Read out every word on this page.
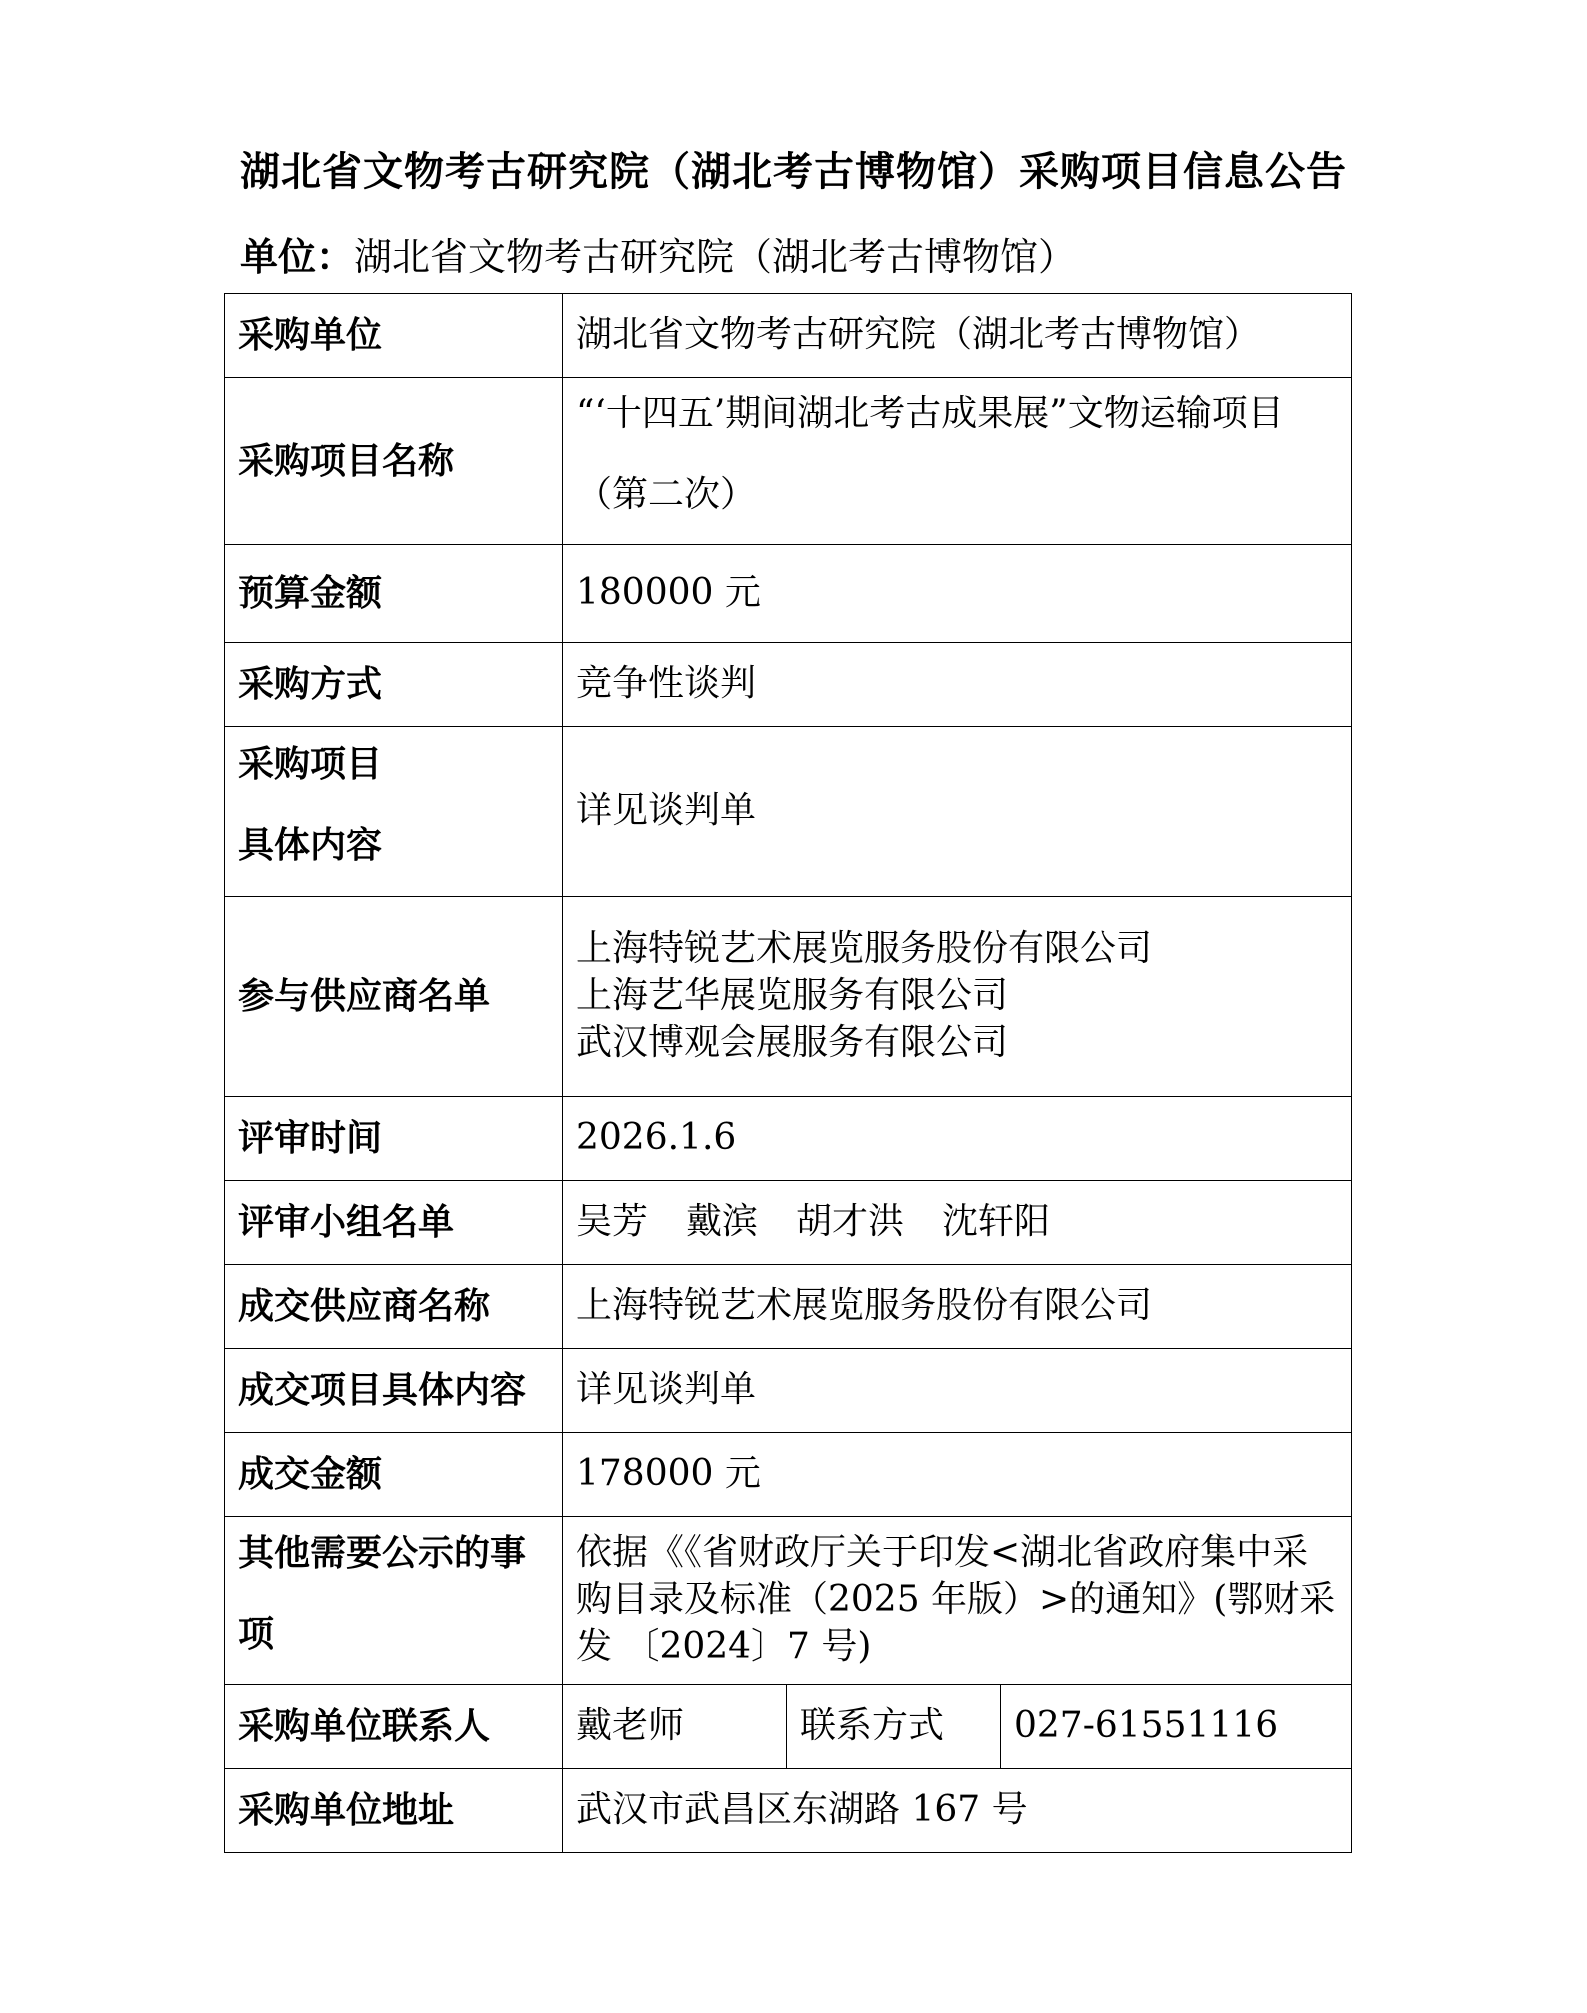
湖北省文物考古研究院（湖北考古博物馆）采购项目信息公告
单位：湖北省文物考古研究院（湖北考古博物馆）
采购单位	湖北省文物考古研究院（湖北考古博物馆）		
采购项目名称	“‘十四五’期间湖北考古成果展”文物运输项目（第二次）		

预算金额	180000 元		
采购方式	竞争性谈判		

采购项目
具体内容	详见谈判单		
参与供应商名单	上海特锐艺术展览服务股份有限公司
上海艺华展览服务有限公司
武汉博观会展服务有限公司		

评审时间	2026.1.6		
评审小组名单	吴芳 戴滨 胡才洪 沈轩阳		
成交供应商名称	上海特锐艺术展览服务股份有限公司		
成交项目具体内容	详见谈判单		
成交金额	178000 元		

其他需要公示的事项	依据《《省财政厅关于印发<湖北省政府集中采购目录及标准（2025 年版）>的通知》(鄂财采发 〔2024〕7 号)		
采购单位联系人	戴老师	联系方式	027-61551116
采购单位地址	武汉市武昌区东湖路 167 号		
